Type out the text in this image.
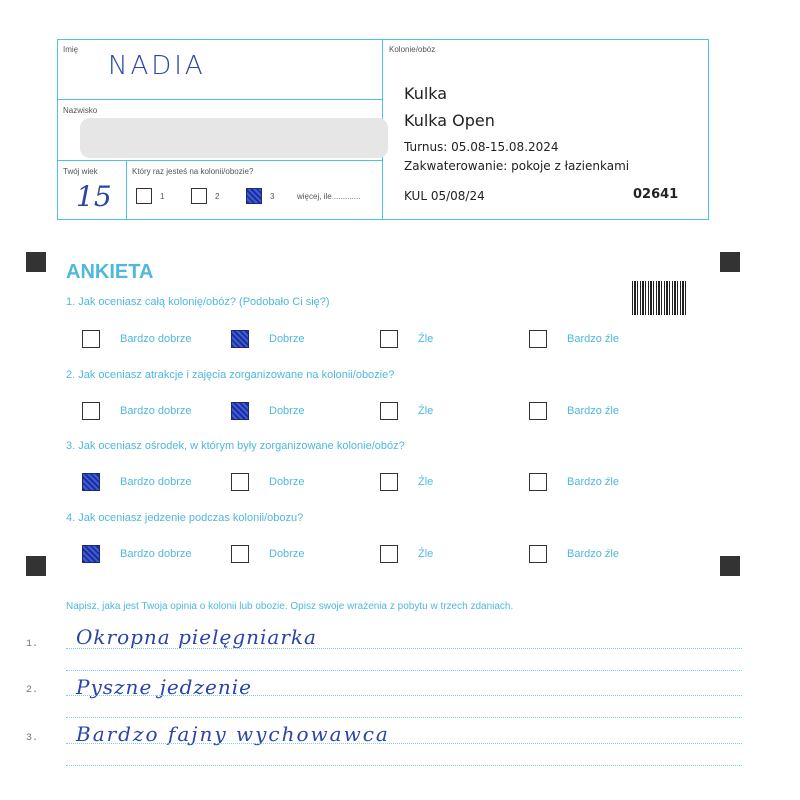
Imię
NADIA
Nazwisko
Twój wiek
15
Który raz jesteś na kolonii/obozie?
1	2	3	więcej, ile ............
Kolonie/obóz
Kulka
Kulka Open
Turnus: 05.08-15.08.2024
Zakwaterowanie: pokoje z łazienkami
KUL 05/08/24	02641
ANKIETA
1. Jak oceniasz całą kolonię/obóz? (Podobało Ci się?)
Bardzo dobrze	Dobrze	Źle	Bardzo źle
2. Jak oceniasz atrakcje i zajęcia zorganizowane na kolonii/obozie?
Bardzo dobrze	Dobrze	Źle	Bardzo źle
3. Jak oceniasz ośrodek, w którym były zorganizowane kolonie/obóz?
Bardzo dobrze	Dobrze	Źle	Bardzo źle
4. Jak oceniasz jedzenie podczas kolonii/obozu?
Bardzo dobrze	Dobrze	Źle	Bardzo źle
Napisz, jaka jest Twoja opinia o kolonii lub obozie. Opisz swoje wrażenia z pobytu w trzech zdaniach.
1. Okropna pielęgniarka
2. Pyszne jedzenie
3. Bardzo fajny wychowawca
